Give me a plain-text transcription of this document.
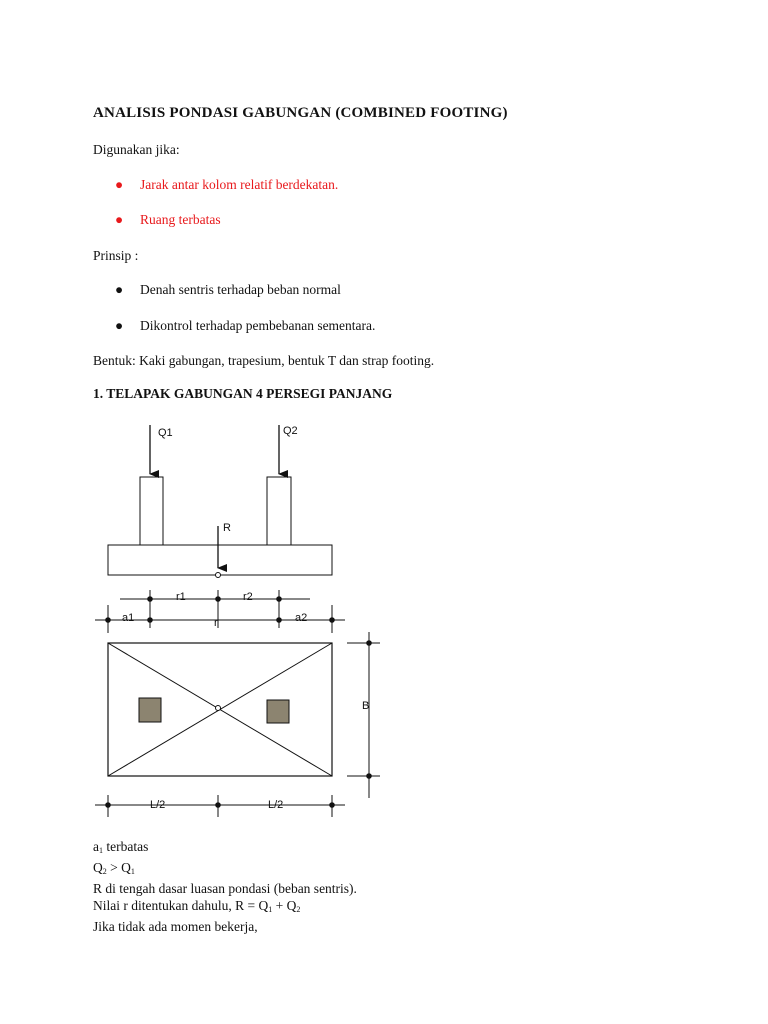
ANALISIS PONDASI GABUNGAN (COMBINED FOOTING)
Digunakan jika:
● Jarak antar kolom relatif berdekatan.
● Ruang terbatas
Prinsip :
● Denah sentris terhadap beban normal
● Dikontrol terhadap pembebanan sementara.
Bentuk: Kaki gabungan, trapesium, bentuk T dan strap footing.
1. TELAPAK GABUNGAN 4 PERSEGI PANJANG
Q1	Q2
R
r1	r2
a1	r	a2
B
L/2	L/2
$a_1$ terbatas
$Q_2 > Q_1$
R di tengah dasar luasan pondasi (beban sentris).
Nilai r ditentukan dahulu, $R = Q_1 + Q_2$
Jika tidak ada momen bekerja,
